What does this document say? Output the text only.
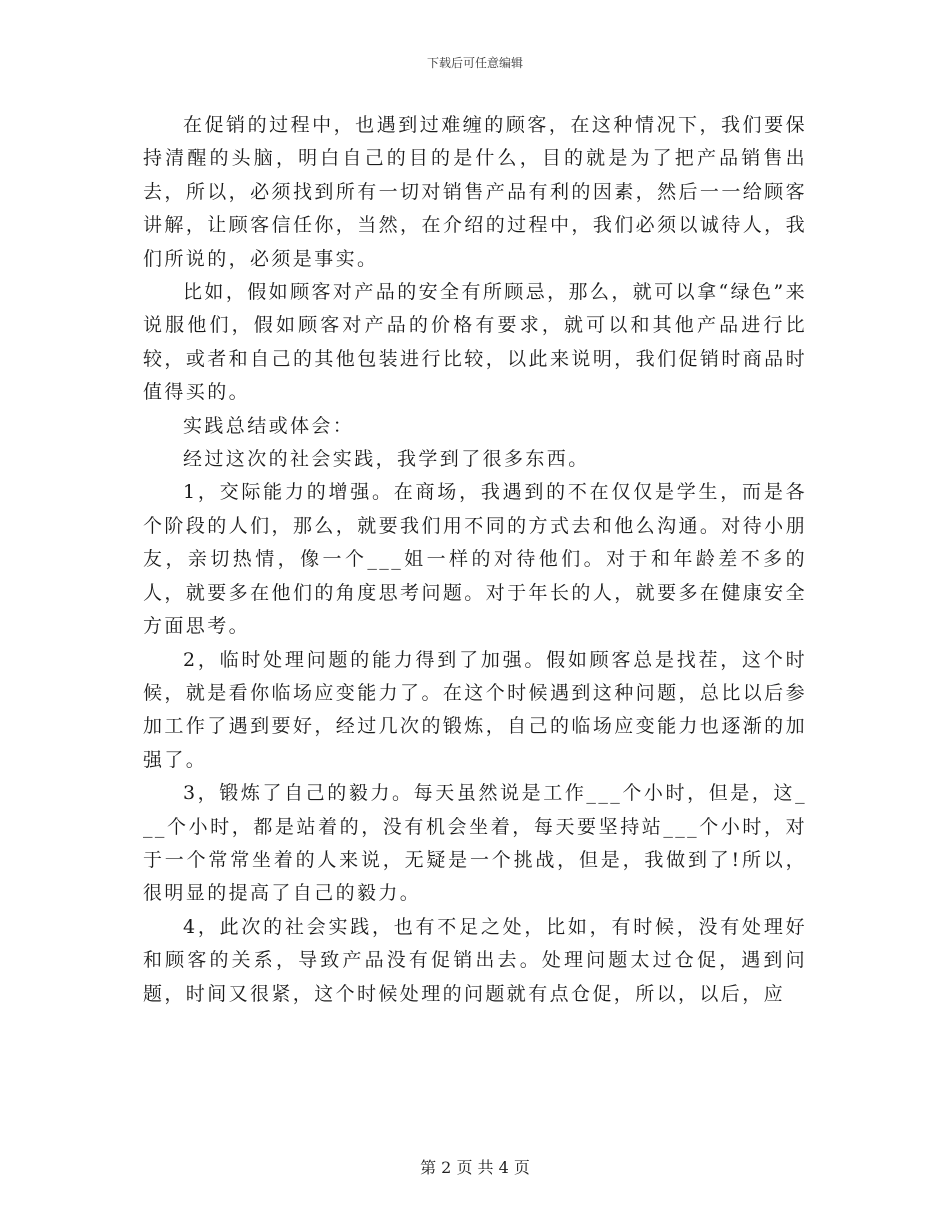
下载后可任意编辑

在促销的过程中，也遇到过难缠的顾客，在这种情况下，我们要保持清醒的头脑，明白自己的目的是什么，目的就是为了把产品销售出去，所以，必须找到所有一切对销售产品有利的因素，然后一一给顾客讲解，让顾客信任你，当然，在介绍的过程中，我们必须以诚待人，我们所说的，必须是事实。

比如，假如顾客对产品的安全有所顾忌，那么，就可以拿“绿色”来说服他们，假如顾客对产品的价格有要求，就可以和其他产品进行比较，或者和自己的其他包装进行比较，以此来说明，我们促销时商品时值得买的。

实践总结或体会：

经过这次的社会实践，我学到了很多东西。

1，交际能力的增强。在商场，我遇到的不在仅仅是学生，而是各个阶段的人们，那么，就要我们用不同的方式去和他么沟通。对待小朋友，亲切热情，像一个___姐一样的对待他们。对于和年龄差不多的人，就要多在他们的角度思考问题。对于年长的人，就要多在健康安全方面思考。

2，临时处理问题的能力得到了加强。假如顾客总是找茬，这个时候，就是看你临场应变能力了。在这个时候遇到这种问题，总比以后参加工作了遇到要好，经过几次的锻炼，自己的临场应变能力也逐渐的加强了。

3，锻炼了自己的毅力。每天虽然说是工作___个小时，但是，这___个小时，都是站着的，没有机会坐着，每天要坚持站___个小时，对于一个常常坐着的人来说，无疑是一个挑战，但是，我做到了!所以，很明显的提高了自己的毅力。

4，此次的社会实践，也有不足之处，比如，有时候，没有处理好和顾客的关系，导致产品没有促销出去。处理问题太过仓促，遇到问题，时间又很紧，这个时候处理的问题就有点仓促，所以，以后，应

第 2 页 共 4 页
